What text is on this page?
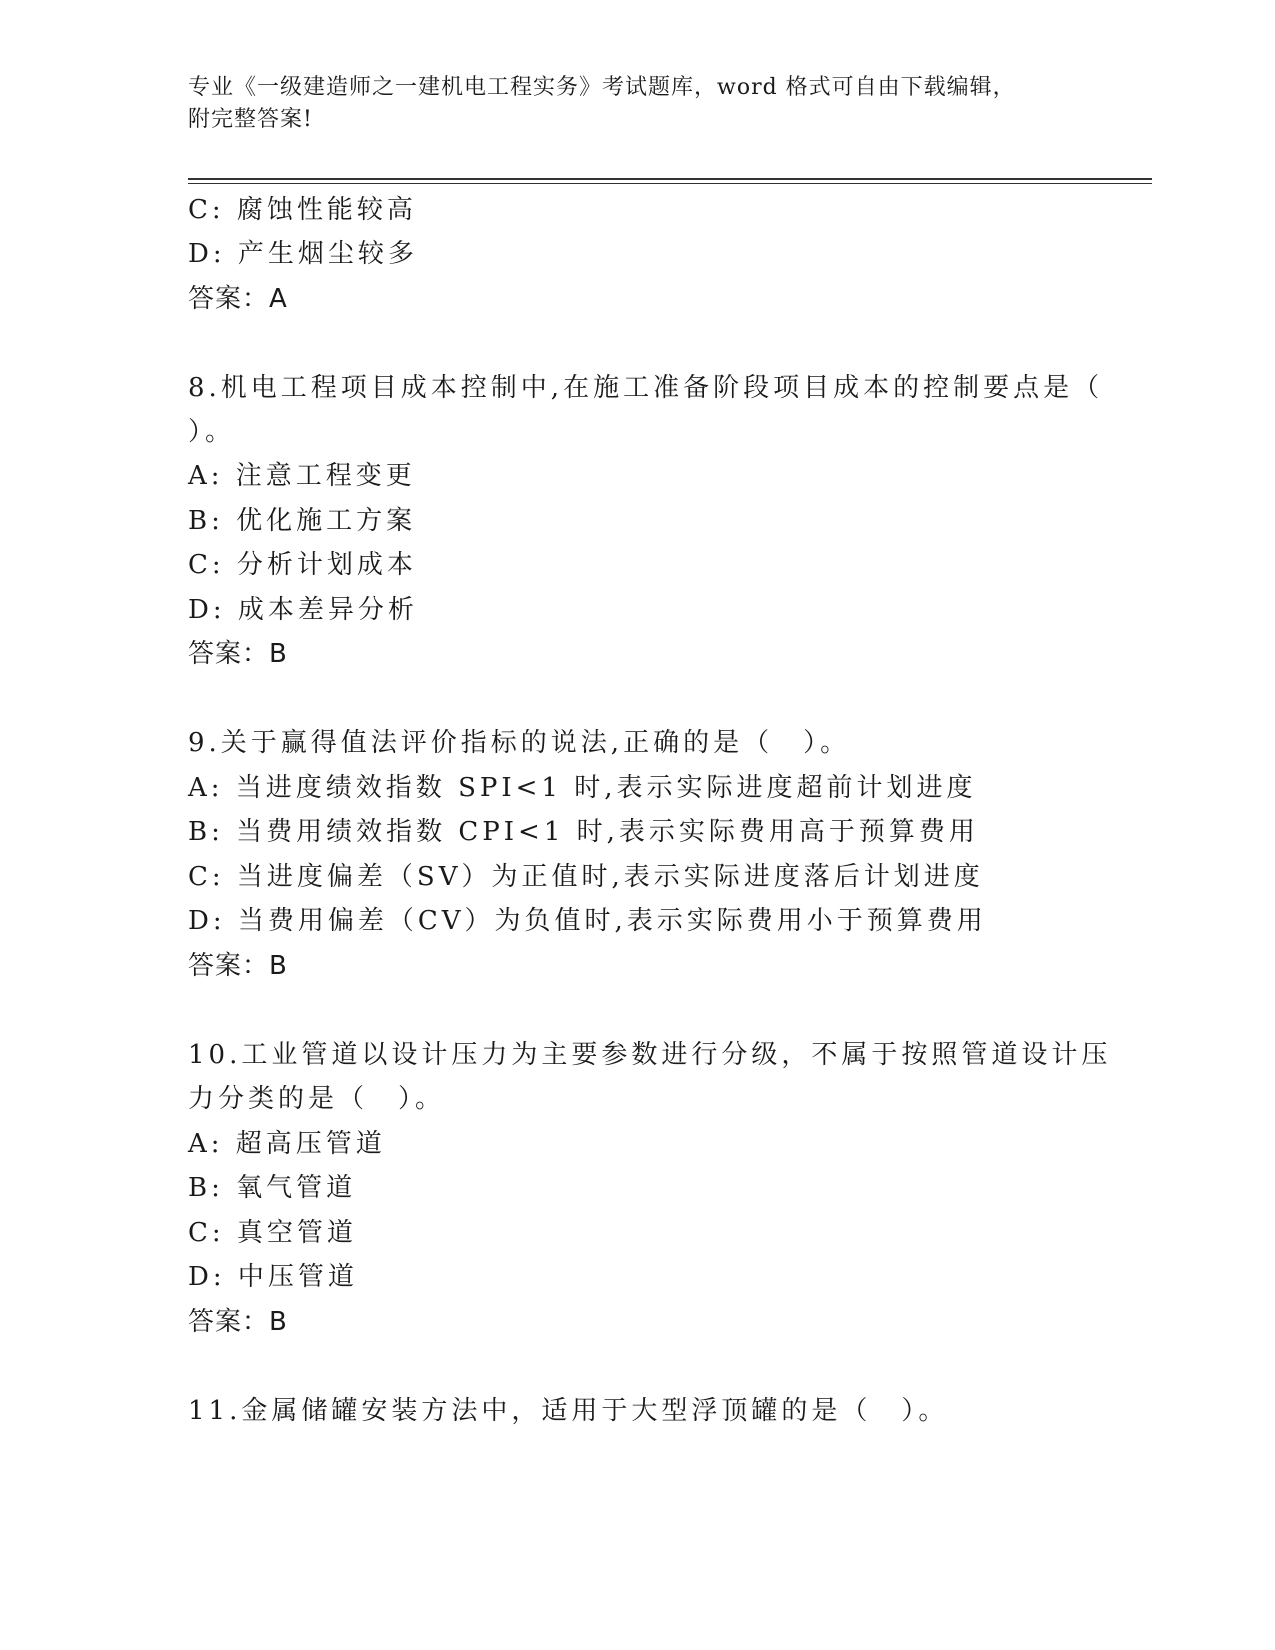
专业《一级建造师之一建机电工程实务》考试题库，word 格式可自由下载编辑，
附完整答案!
C: 腐蚀性能较高
D: 产生烟尘较多
答案：A
8.机电工程项目成本控制中,在施工准备阶段项目成本的控制要点是（
）。
A: 注意工程变更
B: 优化施工方案
C: 分析计划成本
D: 成本差异分析
答案：B
9.关于赢得值法评价指标的说法,正确的是（　）。
A: 当进度绩效指数 SPI<1 时,表示实际进度超前计划进度
B: 当费用绩效指数 CPI<1 时,表示实际费用高于预算费用
C: 当进度偏差（SV）为正值时,表示实际进度落后计划进度
D: 当费用偏差（CV）为负值时,表示实际费用小于预算费用
答案：B
10.工业管道以设计压力为主要参数进行分级，不属于按照管道设计压
力分类的是（　）。
A: 超高压管道
B: 氧气管道
C: 真空管道
D: 中压管道
答案：B
11.金属储罐安装方法中，适用于大型浮顶罐的是（　）。
